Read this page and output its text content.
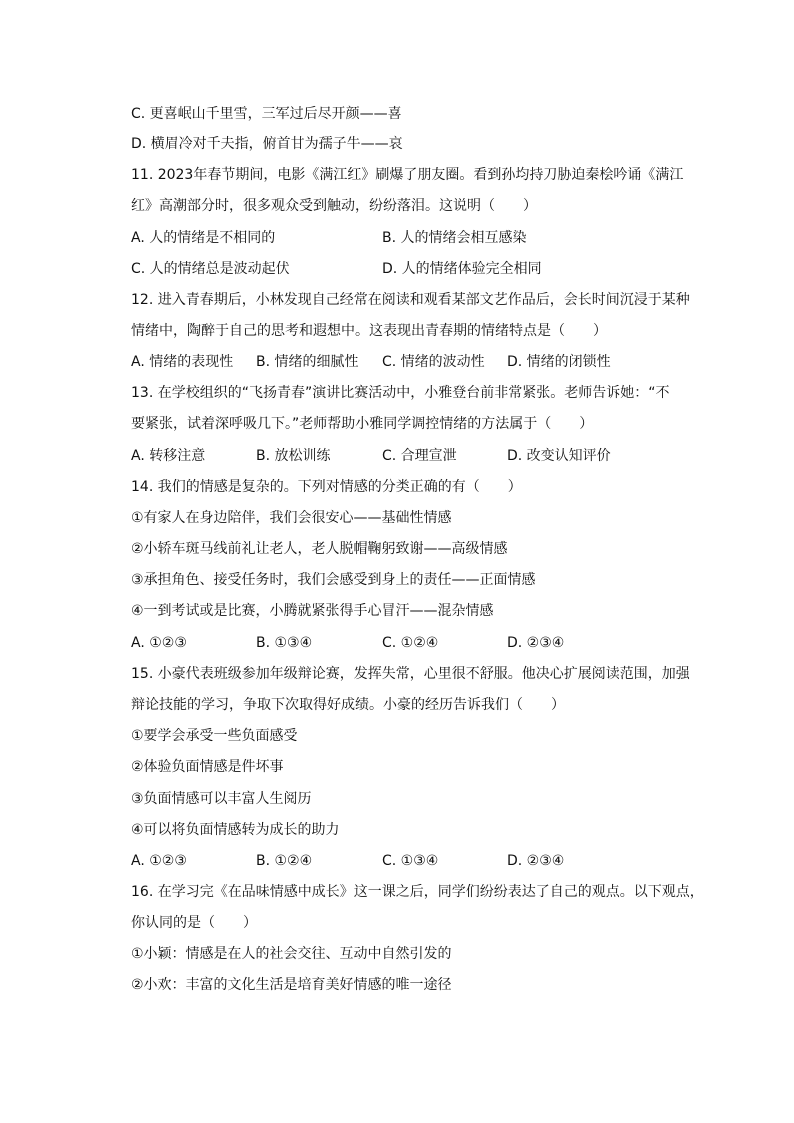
C. 更喜岷山千里雪，三军过后尽开颜——喜
D. 横眉冷对千夫指，俯首甘为孺子牛——哀
11. 2023年春节期间，电影《满江红》刷爆了朋友圈。看到孙均持刀胁迫秦桧吟诵《满江
红》高潮部分时，很多观众受到触动，纷纷落泪。这说明（　　）
A. 人的情绪是不相同的	B. 人的情绪会相互感染
C. 人的情绪总是波动起伏	D. 人的情绪体验完全相同
12. 进入青春期后，小林发现自己经常在阅读和观看某部文艺作品后，会长时间沉浸于某种
情绪中，陶醉于自己的思考和遐想中。这表现出青春期的情绪特点是（　　）
A. 情绪的表现性 B. 情绪的细腻性 C. 情绪的波动性 D. 情绪的闭锁性
13. 在学校组织的“飞扬青春”演讲比赛活动中，小雅登台前非常紧张。老师告诉她：“不
要紧张，试着深呼吸几下。”老师帮助小雅同学调控情绪的方法属于（　　）
A. 转移注意	B. 放松训练	C. 合理宣泄	D. 改变认知评价
14. 我们的情感是复杂的。下列对情感的分类正确的有（　　）
①有家人在身边陪伴，我们会很安心——基础性情感
②小轿车斑马线前礼让老人，老人脱帽鞠躬致谢——高级情感
③承担角色、接受任务时，我们会感受到身上的责任——正面情感
④一到考试或是比赛，小腾就紧张得手心冒汗——混杂情感
A. ①②③	B. ①③④	C. ①②④	D. ②③④
15. 小豪代表班级参加年级辩论赛，发挥失常，心里很不舒服。他决心扩展阅读范围，加强
辩论技能的学习，争取下次取得好成绩。小豪的经历告诉我们（　　）
①要学会承受一些负面感受
②体验负面情感是件坏事
③负面情感可以丰富人生阅历
④可以将负面情感转为成长的助力
A. ①②③	B. ①②④	C. ①③④	D. ②③④
16. 在学习完《在品味情感中成长》这一课之后，同学们纷纷表达了自己的观点。以下观点，
你认同的是（　　）
①小颖：情感是在人的社会交往、互动中自然引发的
②小欢：丰富的文化生活是培育美好情感的唯一途径
